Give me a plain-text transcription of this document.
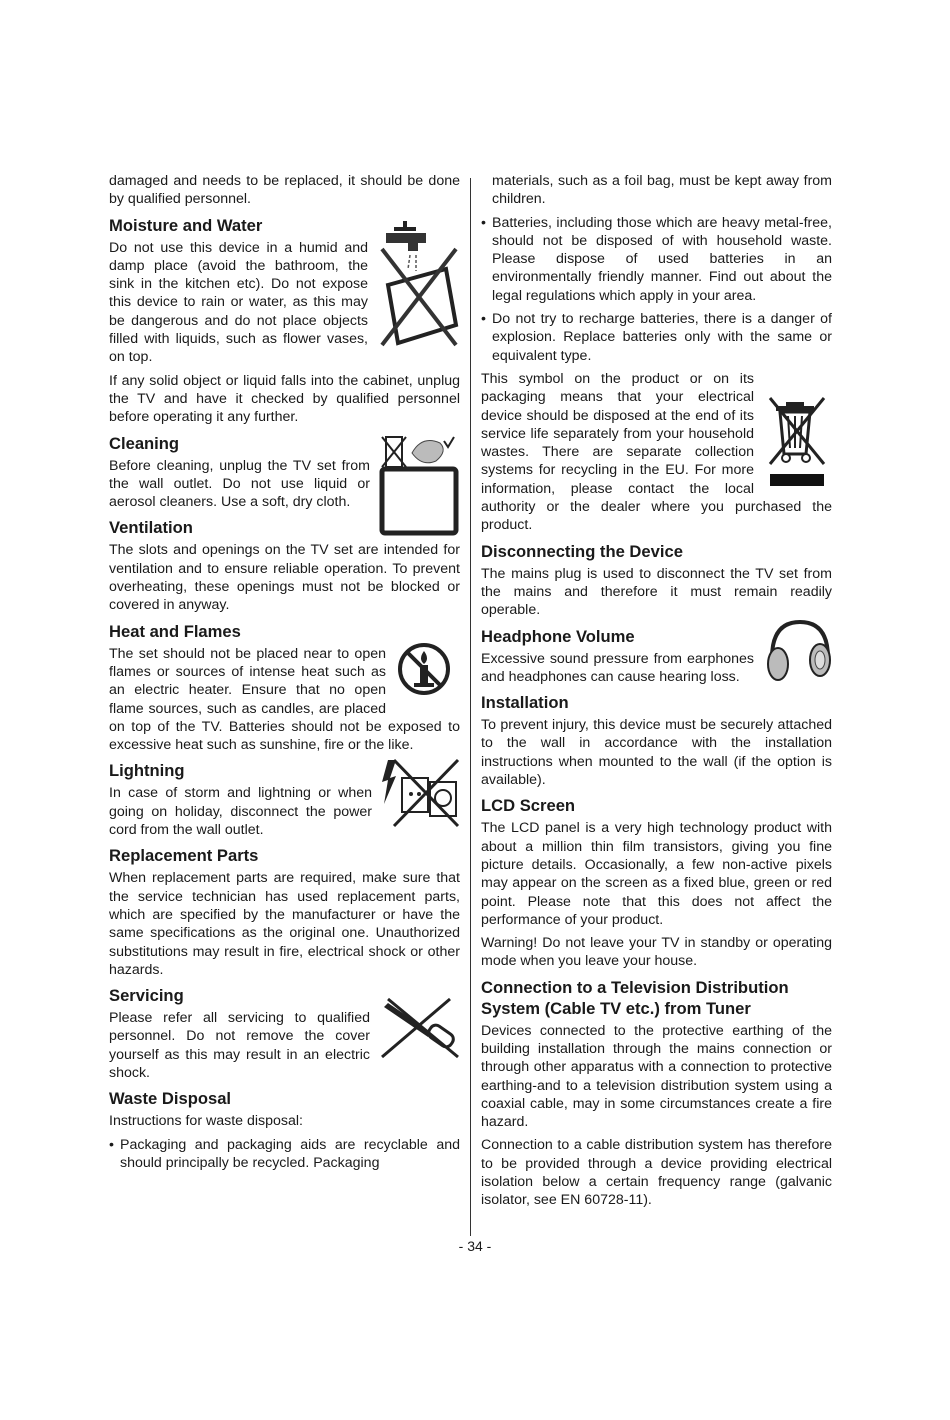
damaged and needs to be replaced, it should be done by qualified personnel.

Moisture and Water

Do not use this device in a humid and damp place (avoid the bathroom, the sink in the kitchen etc). Do not expose this device to rain or water, as this may be dangerous and do not place objects filled with liquids, such as flower vases, on top.

If any solid object or liquid falls into the cabinet, unplug the TV and have it checked by qualified personnel before operating it any further.

Cleaning

Before cleaning, unplug the TV set from the wall outlet. Do not use liquid or aerosol cleaners. Use a soft, dry cloth.

Ventilation

The slots and openings on the TV set are intended for ventilation and to ensure reliable operation. To prevent overheating, these openings must not be blocked or covered in anyway.

Heat and Flames

The set should not be placed near to open flames or sources of intense heat such as an electric heater. Ensure that no open flame sources, such as candles, are placed on top of the TV. Batteries should not be exposed to excessive heat such as sunshine, fire or the like.

Lightning

In case of storm and lightning or when going on holiday, disconnect the power cord from the wall outlet.

Replacement Parts

When replacement parts are required, make sure that the service technician has used replacement parts, which are specified by the manufacturer or have the same specifications as the original one. Unauthorized substitutions may result in fire, electrical shock or other hazards.

Servicing

Please refer all servicing to qualified personnel. Do not remove the cover yourself as this may result in an electric shock.

Waste Disposal

Instructions for waste disposal:

• Packaging and packaging aids are recyclable and should principally be recycled. Packaging

materials, such as a foil bag, must be kept away from children.

• Batteries, including those which are heavy metal-free, should not be disposed of with household waste. Please dispose of used batteries in an environmentally friendly manner. Find out about the legal regulations which apply in your area.
• Do not try to recharge batteries, there is a danger of explosion. Replace batteries only with the same or equivalent type.

This symbol on the product or on its packaging means that your electrical device should be disposed at the end of its service life separately from your household wastes. There are separate collection systems for recycling in the EU. For more information, please contact the local authority or the dealer where you purchased the product.

Disconnecting the Device

The mains plug is used to disconnect the TV set from the mains and therefore it must remain readily operable.

Headphone Volume

Excessive sound pressure from earphones and headphones can cause hearing loss.

Installation

To prevent injury, this device must be securely attached to the wall in accordance with the installation instructions when mounted to the wall (if the option is available).

LCD Screen

The LCD panel is a very high technology product with about a million thin film transistors, giving you fine picture details. Occasionally, a few non-active pixels may appear on the screen as a fixed blue, green or red point. Please note that this does not affect the performance of your product.

Warning! Do not leave your TV in standby or operating mode when you leave your house.

Connection to a Television Distribution System (Cable TV etc.) from Tuner

Devices connected to the protective earthing of the building installation through the mains connection or through other apparatus with a connection to protective earthing-and to a television distribution system using a coaxial cable, may in some circumstances create a fire hazard.

Connection to a cable distribution system has therefore to be provided through a device providing electrical isolation below a certain frequency range (galvanic isolator, see EN 60728-11).

- 34 -
